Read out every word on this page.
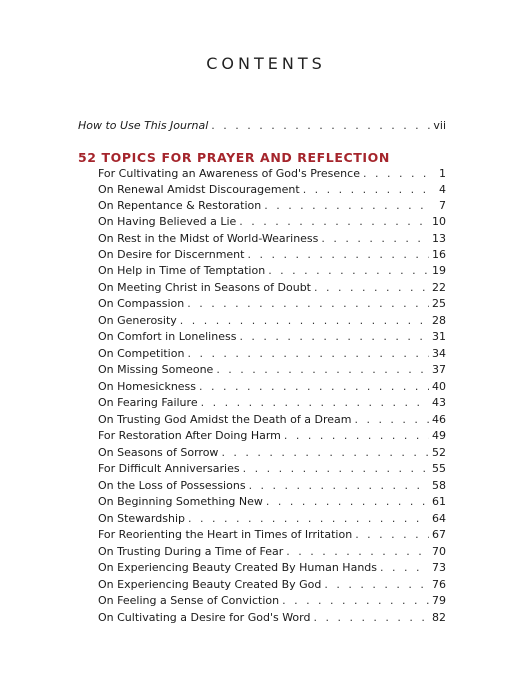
CONTENTS
How to Use This Journal . . .	vii
52 TOPICS FOR PRAYER AND REFLECTION
For Cultivating an Awareness of God's Presence . . .	1
On Renewal Amidst Discouragement . . .	4
On Repentance & Restoration . . .	7
On Having Believed a Lie . . .	10
On Rest in the Midst of World-Weariness . . .	13
On Desire for Discernment . . .	16
On Help in Time of Temptation . . .	19
On Meeting Christ in Seasons of Doubt . . .	22
On Compassion . . .	25
On Generosity . . .	28
On Comfort in Loneliness . . .	31
On Competition . . .	34
On Missing Someone . . .	37
On Homesickness . . .	40
On Fearing Failure . . .	43
On Trusting God Amidst the Death of a Dream . . .	46
For Restoration After Doing Harm . . .	49
On Seasons of Sorrow . . .	52
For Difficult Anniversaries . . .	55
On the Loss of Possessions . . .	58
On Beginning Something New . . .	61
On Stewardship . . .	64
For Reorienting the Heart in Times of Irritation . . .	67
On Trusting During a Time of Fear . . .	70
On Experiencing Beauty Created By Human Hands . . .	73
On Experiencing Beauty Created By God . . .	76
On Feeling a Sense of Conviction . . .	79
On Cultivating a Desire for God's Word . . .	82
